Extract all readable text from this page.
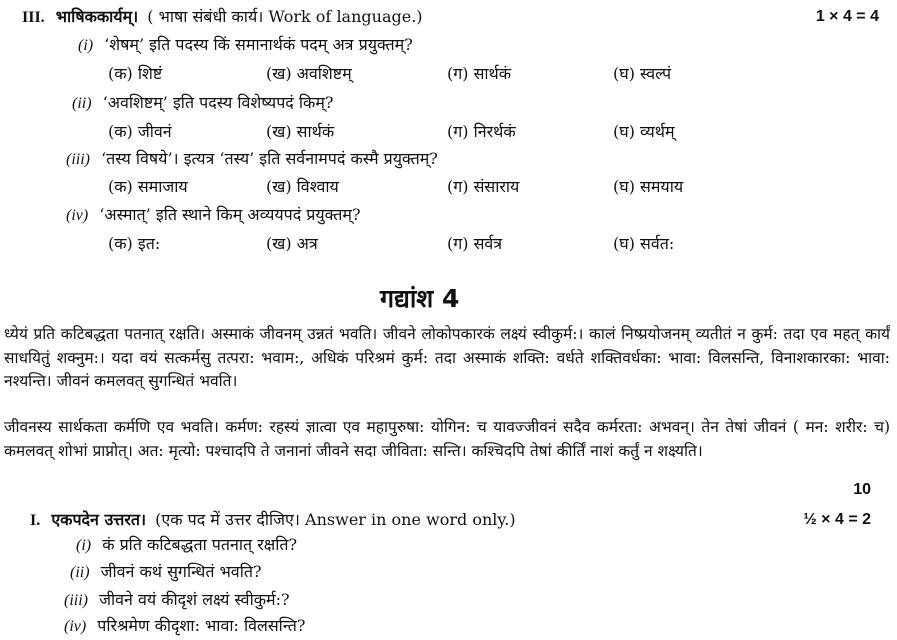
III. भाषिककार्यम्। ( भाषा संबंधी कार्य। Work of language.)	1 × 4 = 4
(i) ‘शेषम्’ इति पदस्य किं समानार्थकं पदम् अत्र प्रयुक्तम्?
(क) शिष्टं	(ख) अवशिष्टम्	(ग) सार्थकं	(घ) स्वल्पं
(ii) ‘अवशिष्टम्’ इति पदस्य विशेष्यपदं किम्?
(क) जीवनं	(ख) सार्थकं	(ग) निरर्थकं	(घ) व्यर्थम्
(iii) ‘तस्य विषये’। इत्यत्र ‘तस्य’ इति सर्वनामपदं कस्मै प्रयुक्तम्?
(क) समाजाय	(ख) विश्वाय	(ग) संसाराय	(घ) समयाय
(iv) ‘अस्मात्’ इति स्थाने किम् अव्ययपदं प्रयुक्तम्?
(क) इत:	(ख) अत्र	(ग) सर्वत्र	(घ) सर्वत:
गद्यांश 4
ध्येयं प्रति कटिबद्धता पतनात् रक्षति। अस्माकं जीवनम् उन्नतं भवति। जीवने लोकोपकारकं लक्ष्यं स्वीकुर्म:। कालं निष्प्रयोजनम् व्यतीतं न कुर्म: तदा एव महत् कार्यं साधयितुं शक्नुम:। यदा वयं सत्कर्मसु तत्परा: भवाम:, अधिकं परिश्रमं कुर्म: तदा अस्माकं शक्ति: वर्धते शक्तिवर्धका: भावा: विलसन्ति, विनाशकारका: भावा: नश्यन्ति। जीवनं कमलवत् सुगन्धितं भवति।
जीवनस्य सार्थकता कर्मणि एव भवति। कर्मण: रहस्यं ज्ञात्वा एव महापुरुषा: योगिन: च यावज्जीवनं सदैव कर्मरता: अभवन्। तेन तेषां जीवनं ( मन: शरीर: च) कमलवत् शोभां प्राप्नोत्। अत: मृत्यो: पश्चादपि ते जनानां जीवने सदा जीविता: सन्ति। कश्चिदपि तेषां कीर्तिं नाशं कर्तुं न शक्ष्यति।
10
I. एकपदेन उत्तरत। (एक पद में उत्तर दीजिए। Answer in one word only.)	½ × 4 = 2
(i) कं प्रति कटिबद्धता पतनात् रक्षति?
(ii) जीवनं कथं सुगन्धितं भवति?
(iii) जीवने वयं कीदृशं लक्ष्यं स्वीकुर्म:?
(iv) परिश्रमेण कीदृशा: भावा: विलसन्ति?
